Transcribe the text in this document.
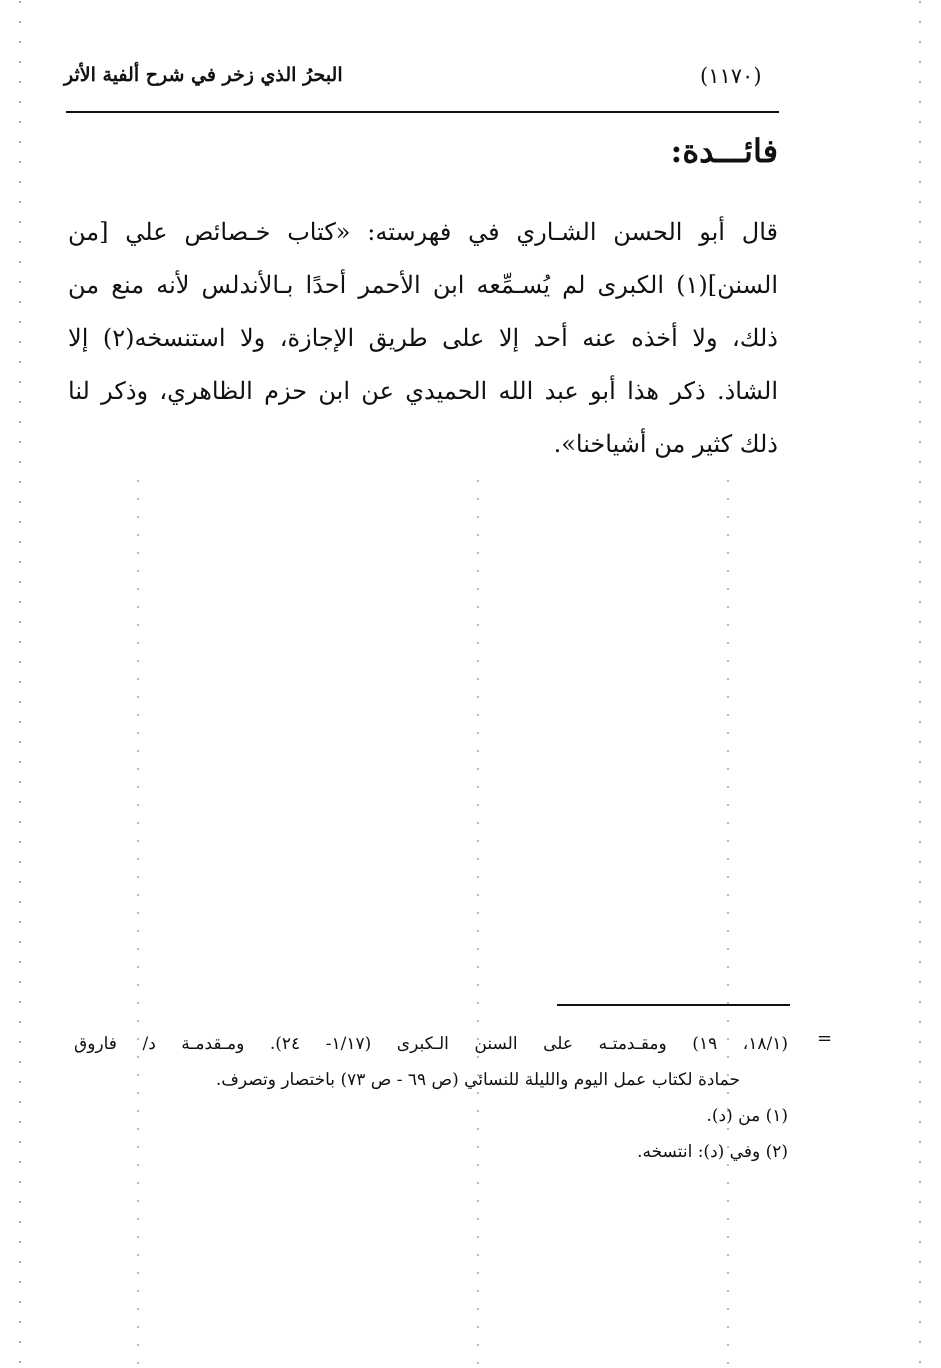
(١١٧٠)
البحرُ الذي زخر في شرح ألفية الأثر
فائـــدة:
قال أبو الحسن الشـاري في فهرسته: «كتاب خـصائص علي [من
السنن](١) الكبرى لم يُسـمِّعه ابن الأحمر أحدًا بـالأندلس لأنه منع من
ذلك، ولا أخذه عنه أحد إلا على طريق الإجازة، ولا استنسخه(٢) إلا
الشاذ. ذكر هذا أبو عبد الله الحميدي عن ابن حزم الظاهري، وذكر لنا
ذلك كثير من أشياخنا».
=
(١٨/١، ١٩) ومقـدمتـه على السنن الـكبرى (١/١٧- ٢٤). ومـقدمـة د/ فاروق
حمادة لكتاب عمل اليوم والليلة للنسائي (ص ٦٩ - ص ٧٣) باختصار وتصرف.
(١) من (د).
(٢) وفي (د): انتسخه.
